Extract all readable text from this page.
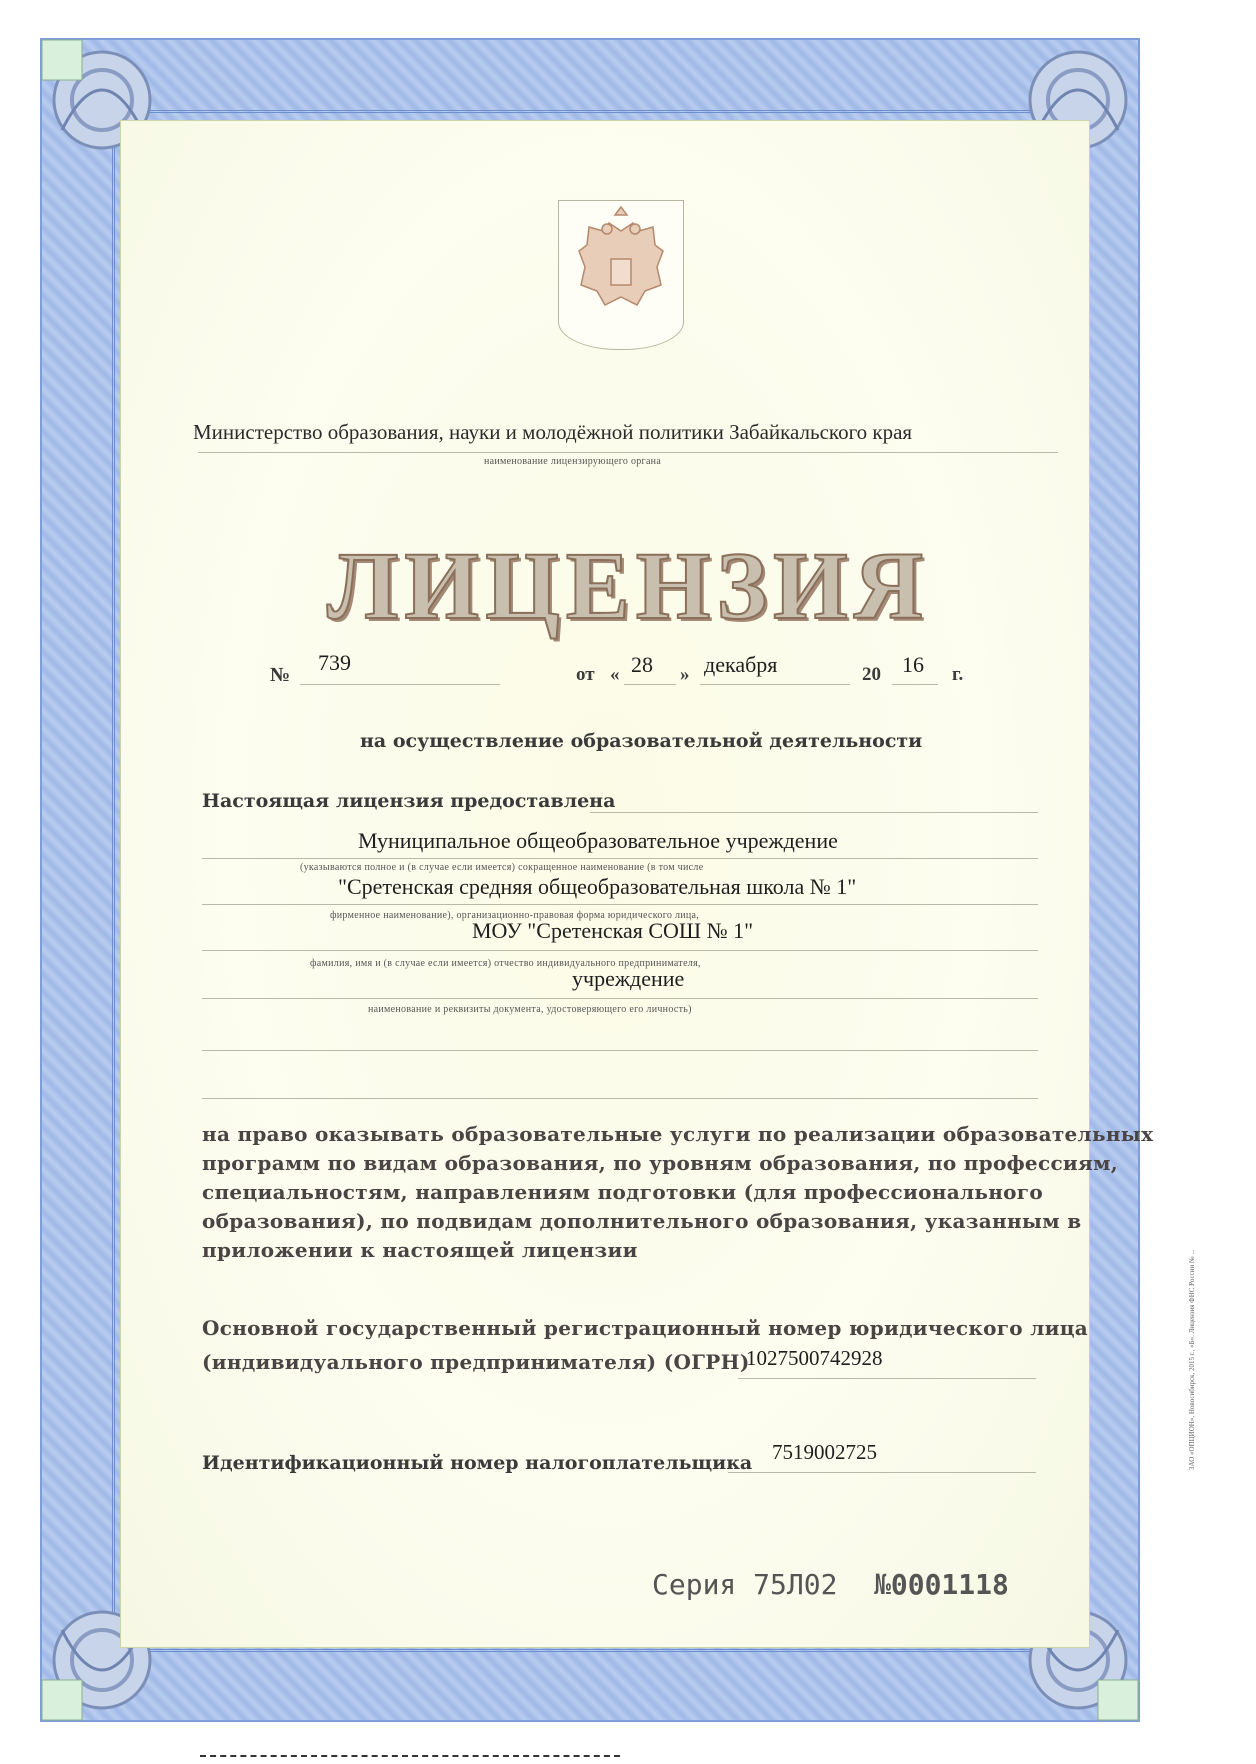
Министерство образования, науки и молодёжной политики Забайкальского края
наименование лицензирующего органа
ЛИЦЕНЗИЯ
№ 739	от « 28 » декабря	20 16 г.
на осуществление образовательной деятельности
Настоящая лицензия предоставлена
Муниципальное общеобразовательное учреждение
(указываются полное и (в случае если имеется) сокращенное наименование (в том числе
"Сретенская средняя общеобразовательная школа № 1"
фирменное наименование), организационно-правовая форма юридического лица,
МОУ "Сретенская СОШ № 1"
фамилия, имя и (в случае если имеется) отчество индивидуального предпринимателя,
учреждение
наименование и реквизиты документа, удостоверяющего его личность)
на право оказывать образовательные услуги по реализации образовательных
программ по видам образования, по уровням образования, по профессиям,
специальностям, направлениям подготовки (для профессионального
образования), по подвидам дополнительного образования, указанным в
приложении к настоящей лицензии
Основной государственный регистрационный номер юридического лица
(индивидуального предпринимателя) (ОГРН)
1027500742928
Идентификационный номер налогоплательщика 7519002725
Серия 75Л02 №0001118
ЗАО «ОПЦИОН», Новосибирск, 2015 г., «Б». Лицензия ФНС России № ...
